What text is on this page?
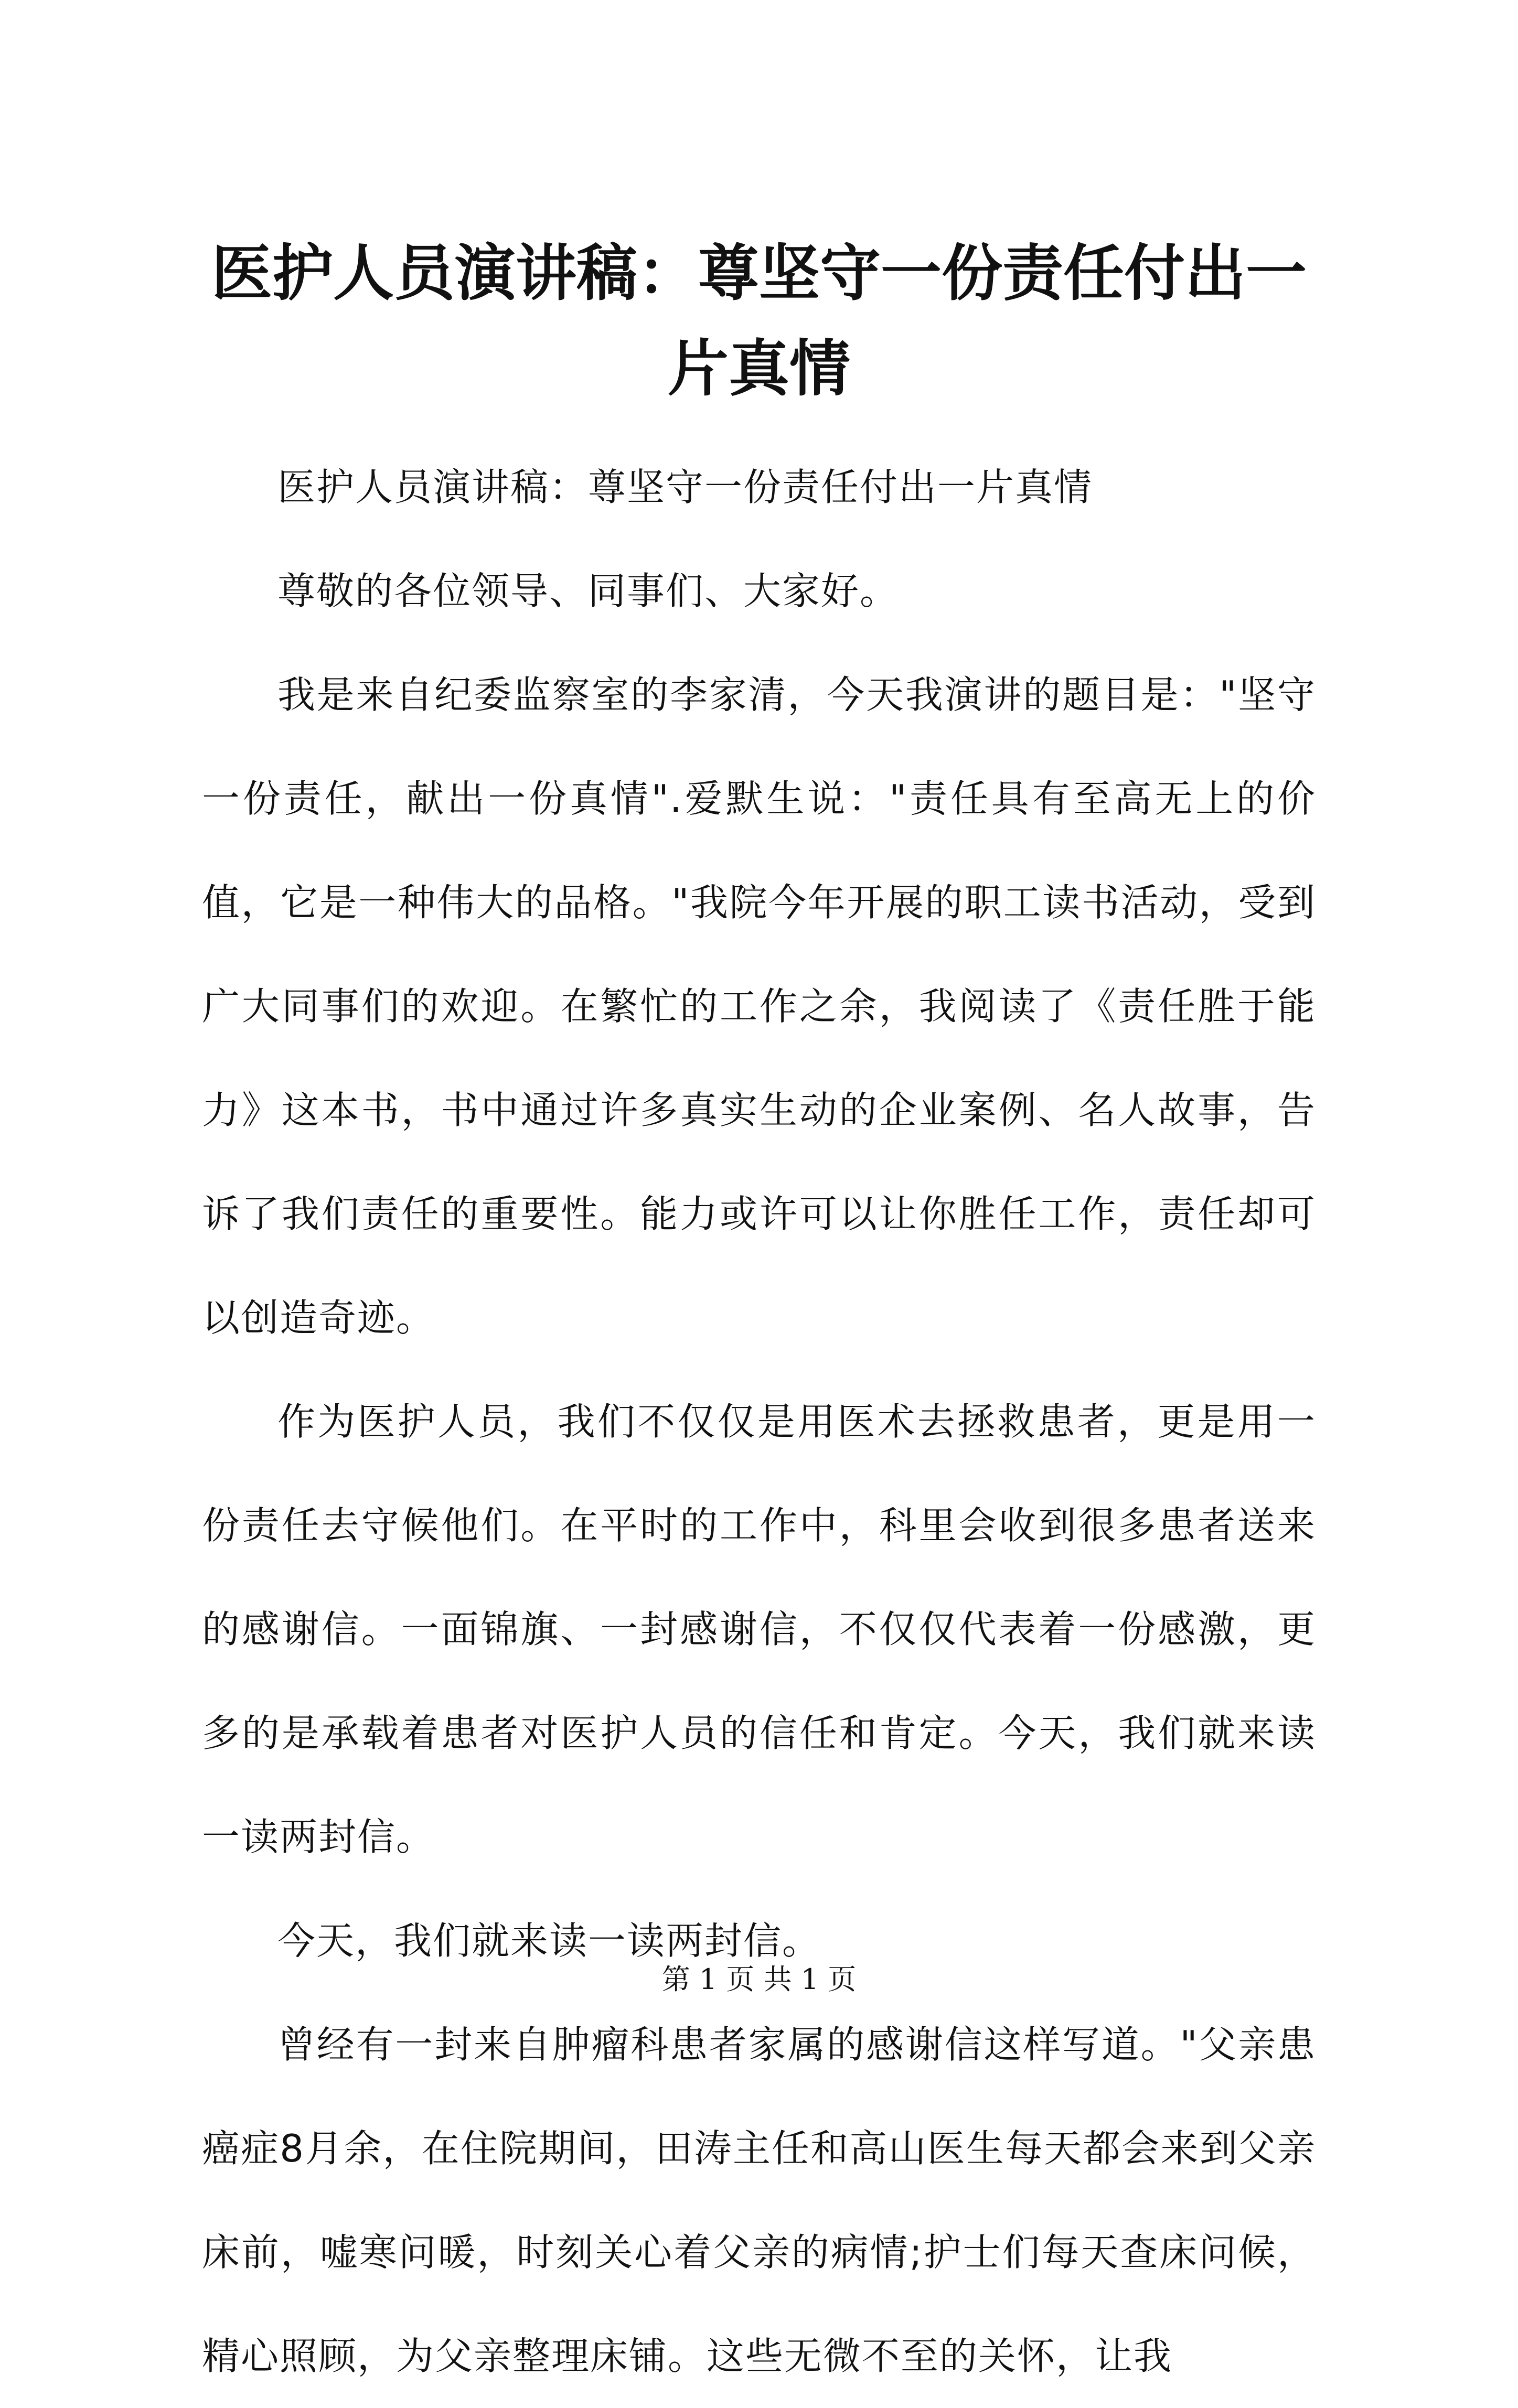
医护人员演讲稿：尊坚守一份责任付出一片真情

医护人员演讲稿：尊坚守一份责任付出一片真情

尊敬的各位领导、同事们、大家好。

我是来自纪委监察室的李家清，今天我演讲的题目是："坚守一份责任，献出一份真情".爱默生说："责任具有至高无上的价值，它是一种伟大的品格。"我院今年开展的职工读书活动，受到广大同事们的欢迎。在繁忙的工作之余，我阅读了《责任胜于能力》这本书，书中通过许多真实生动的企业案例、名人故事，告诉了我们责任的重要性。能力或许可以让你胜任工作，责任却可以创造奇迹。

作为医护人员，我们不仅仅是用医术去拯救患者，更是用一份责任去守候他们。在平时的工作中，科里会收到很多患者送来的感谢信。一面锦旗、一封感谢信，不仅仅代表着一份感激，更多的是承载着患者对医护人员的信任和肯定。今天，我们就来读一读两封信。

今天，我们就来读一读两封信。

曾经有一封来自肿瘤科患者家属的感谢信这样写道。"父亲患癌症8月余，在住院期间，田涛主任和高山医生每天都会来到父亲床前，嘘寒问暖，时刻关心着父亲的病情;护士们每天查床问候，精心照顾，为父亲整理床铺。这些无微不至的关怀，让我

第 1 页 共 1 页
